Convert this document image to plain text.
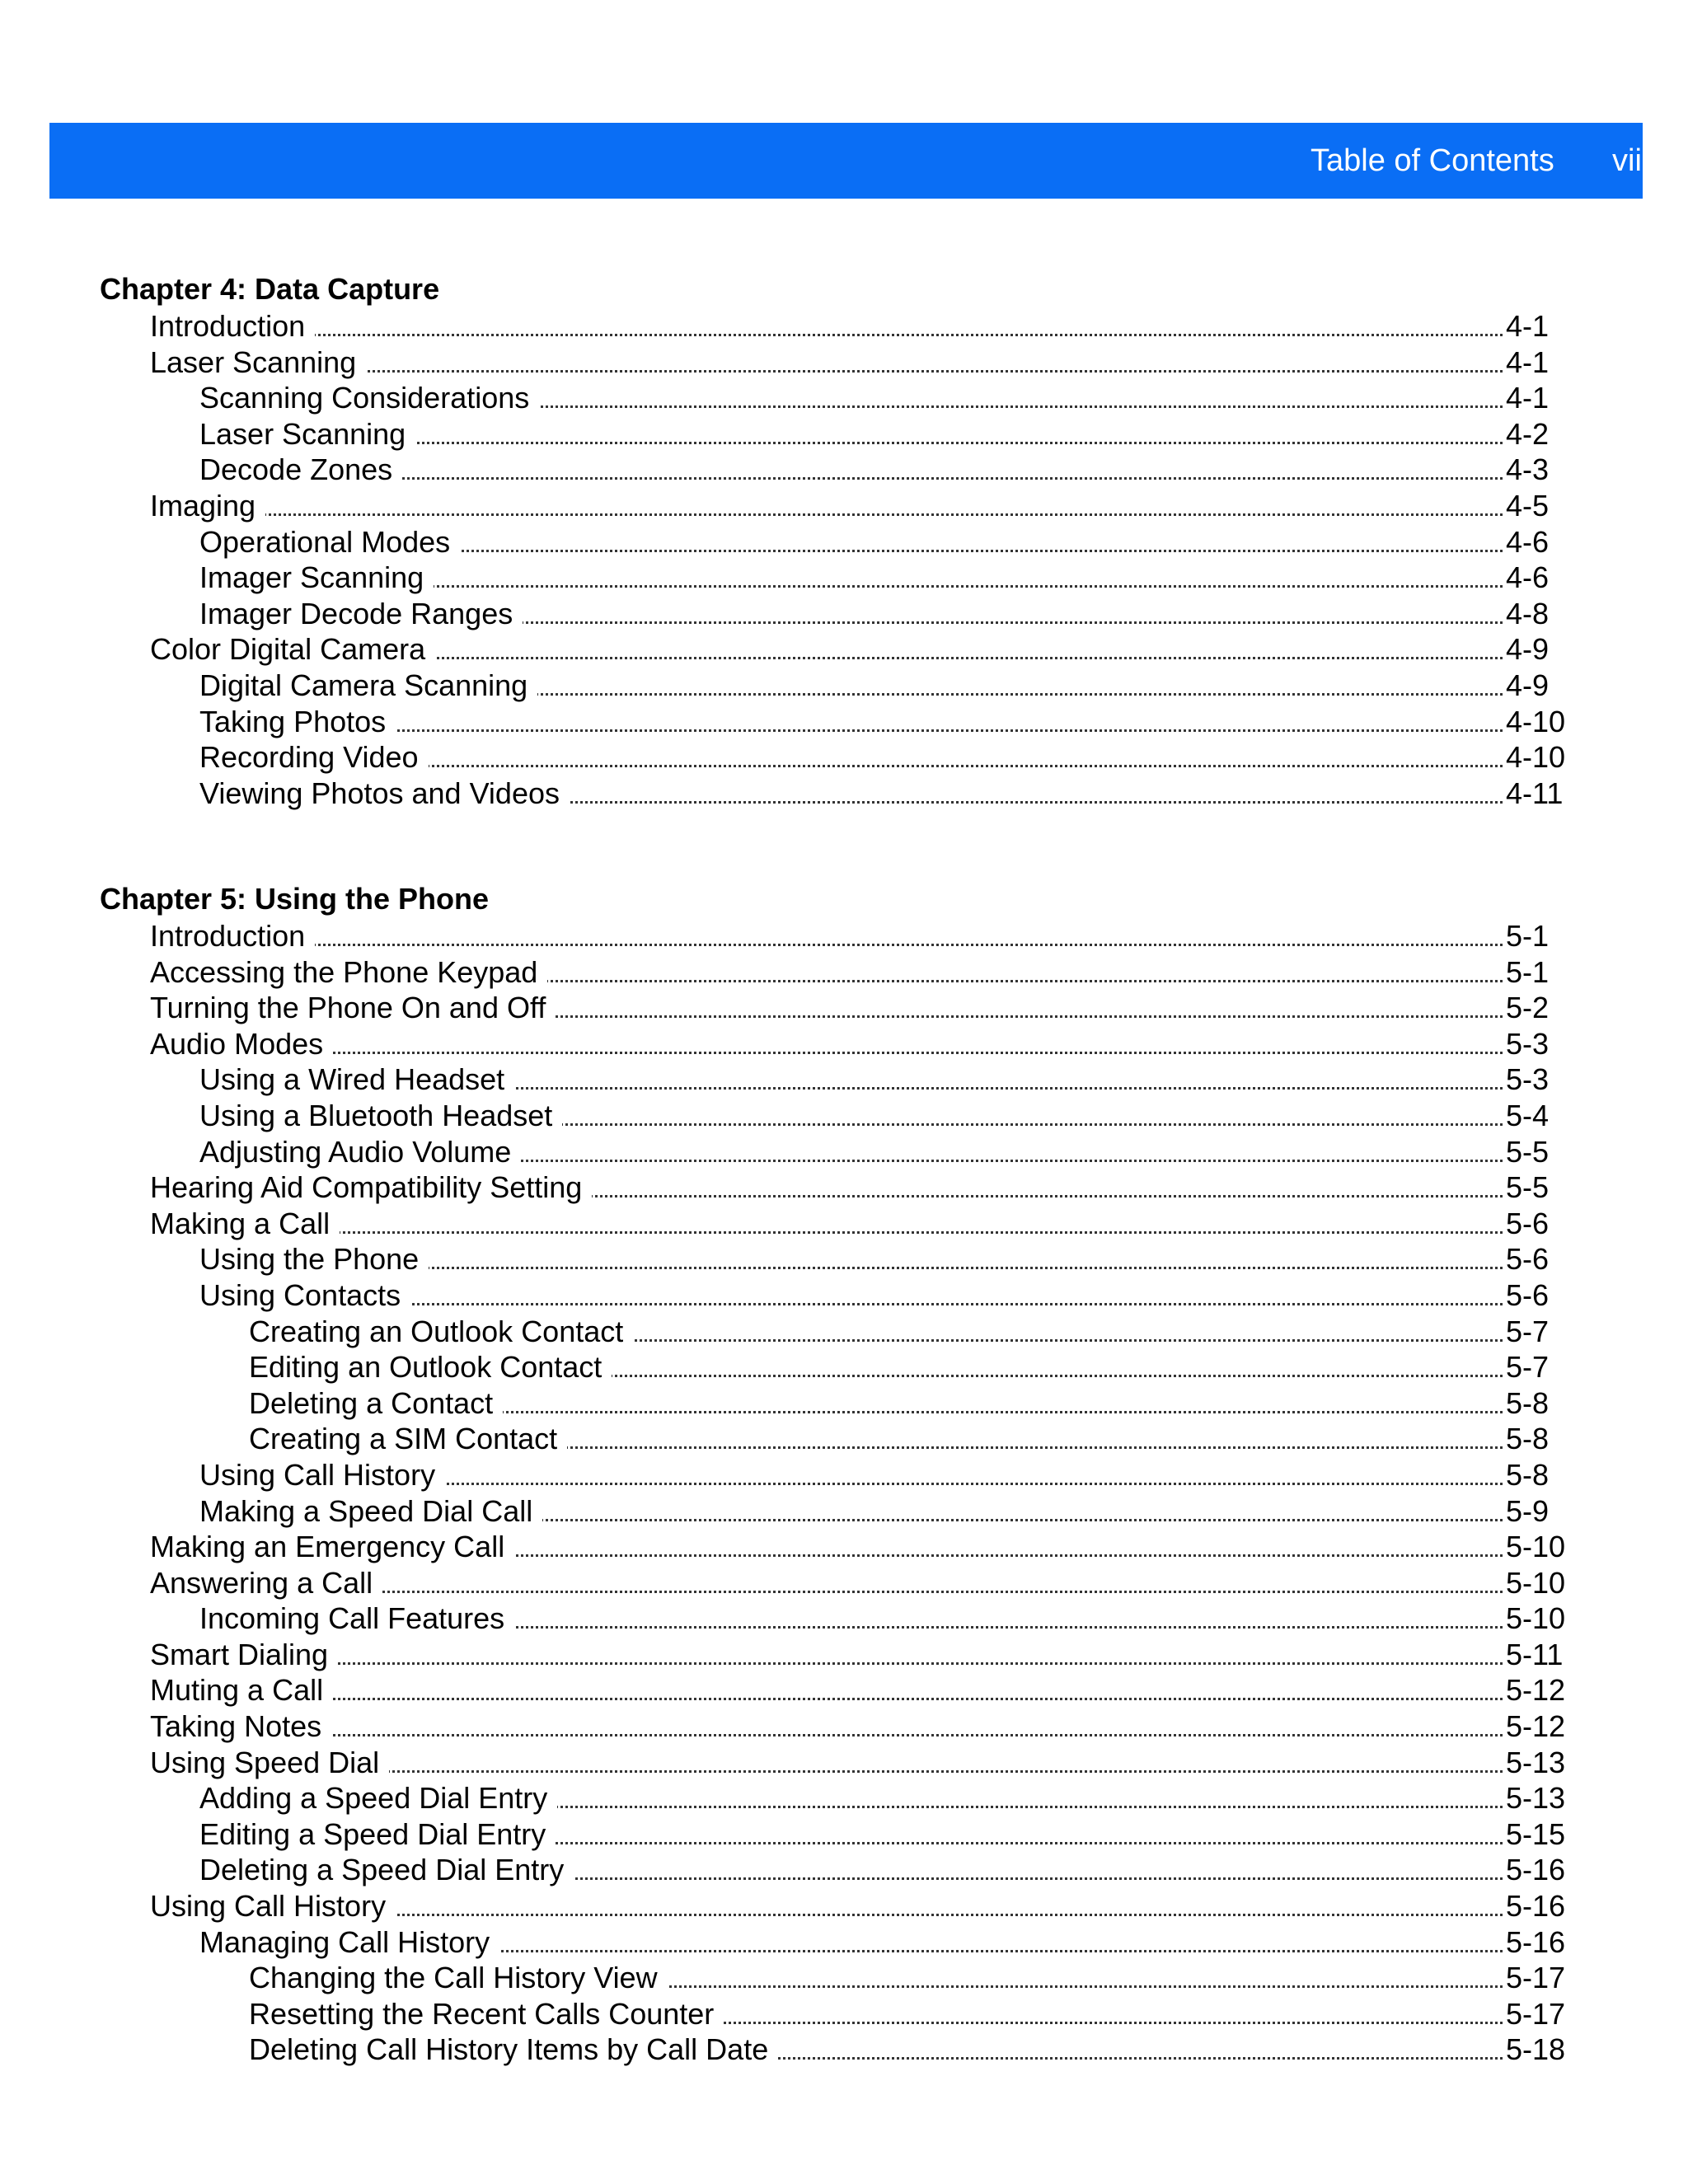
Table of Contents vii
Chapter 4: Data Capture
Introduction	4-1
Laser Scanning	4-1
Scanning Considerations	4-1
Laser Scanning	4-2
Decode Zones	4-3
Imaging	4-5
Operational Modes	4-6
Imager Scanning	4-6
Imager Decode Ranges	4-8
Color Digital Camera	4-9
Digital Camera Scanning	4-9
Taking Photos	4-10
Recording Video	4-10
Viewing Photos and Videos	4-11
Chapter 5: Using the Phone
Introduction	5-1
Accessing the Phone Keypad	5-1
Turning the Phone On and Off	5-2
Audio Modes	5-3
Using a Wired Headset	5-3
Using a Bluetooth Headset	5-4
Adjusting Audio Volume	5-5
Hearing Aid Compatibility Setting	5-5
Making a Call	5-6
Using the Phone	5-6
Using Contacts	5-6
Creating an Outlook Contact	5-7
Editing an Outlook Contact	5-7
Deleting a Contact	5-8
Creating a SIM Contact	5-8
Using Call History	5-8
Making a Speed Dial Call	5-9
Making an Emergency Call	5-10
Answering a Call	5-10
Incoming Call Features	5-10
Smart Dialing	5-11
Muting a Call	5-12
Taking Notes	5-12
Using Speed Dial	5-13
Adding a Speed Dial Entry	5-13
Editing a Speed Dial Entry	5-15
Deleting a Speed Dial Entry	5-16
Using Call History	5-16
Managing Call History	5-16
Changing the Call History View	5-17
Resetting the Recent Calls Counter	5-17
Deleting Call History Items by Call Date	5-18
